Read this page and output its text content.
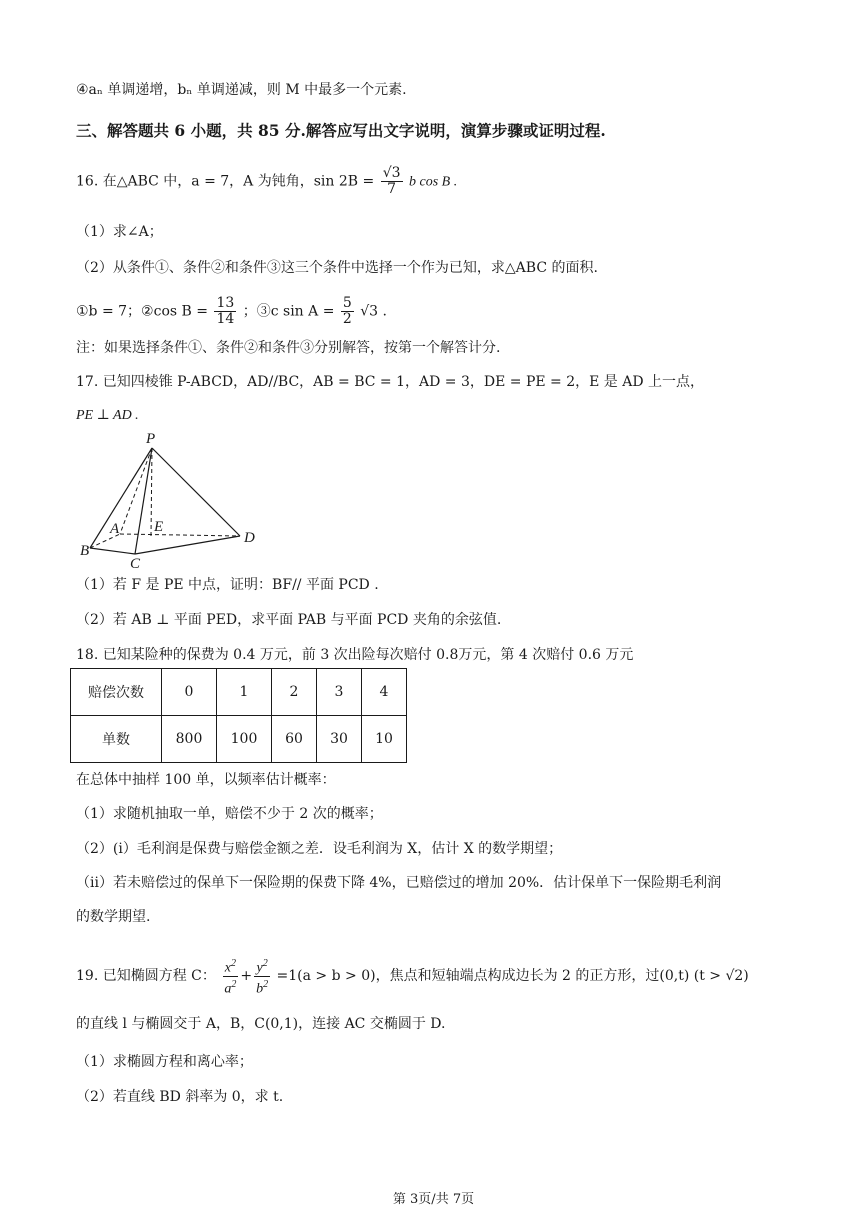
④aₙ 单调递增，bₙ 单调递减，则 M 中最多一个元素.
三、解答题共 6 小题，共 85 分.解答应写出文字说明，演算步骤或证明过程.
16. 在△ABC 中，a = 7，A 为钝角，$\sin 2B = \frac{√3}{7}$ b cos B .
（1）求∠A；
（2）从条件①、条件②和条件③这三个条件中选择一个作为已知，求△ABC 的面积.
①b = 7；②cos $B = \frac{13}{14}$ ；③c $\sin A = \frac{5}{2} √3$ .
注：如果选择条件①、条件②和条件③分别解答，按第一个解答计分.
17. 已知四棱锥 P-ABCD，AD//BC，AB = BC = 1，AD = 3，DE = PE = 2，E 是 AD 上一点，
PE ⊥ AD .
P
A E
B
C
D
（1）若 F 是 PE 中点，证明：BF// 平面 PCD .
（2）若 AB ⊥ 平面 PED，求平面 PAB 与平面 PCD 夹角的余弦值.
18. 已知某险种的保费为 0.4 万元，前 3 次出险每次赔付 0.8万元，第 4 次赔付 0.6 万元
赔偿次数	0	1	2	3	4
单数	800	100	60	30	10
在总体中抽样 100 单，以频率估计概率：
（1）求随机抽取一单，赔偿不少于 2 次的概率；
（2）(i）毛利润是保费与赔偿金额之差．设毛利润为 X，估计 X 的数学期望；
（ii）若未赔偿过的保单下一保险期的保费下降 4%，已赔偿过的增加 20%．估计保单下一保险期毛利润
的数学期望.
19. 已知椭圆方程 C： $\frac{x^2}{a^2} + \frac{y^2}{b^2} =1(a > b > 0)$，焦点和短轴端点构成边长为 2 的正方形，过(0,t) (t > √2)
的直线 l 与椭圆交于 A，B，C(0,1)，连接 AC 交椭圆于 D.
（1）求椭圆方程和离心率；
（2）若直线 BD 斜率为 0，求 t.
第 3页/共 7页
